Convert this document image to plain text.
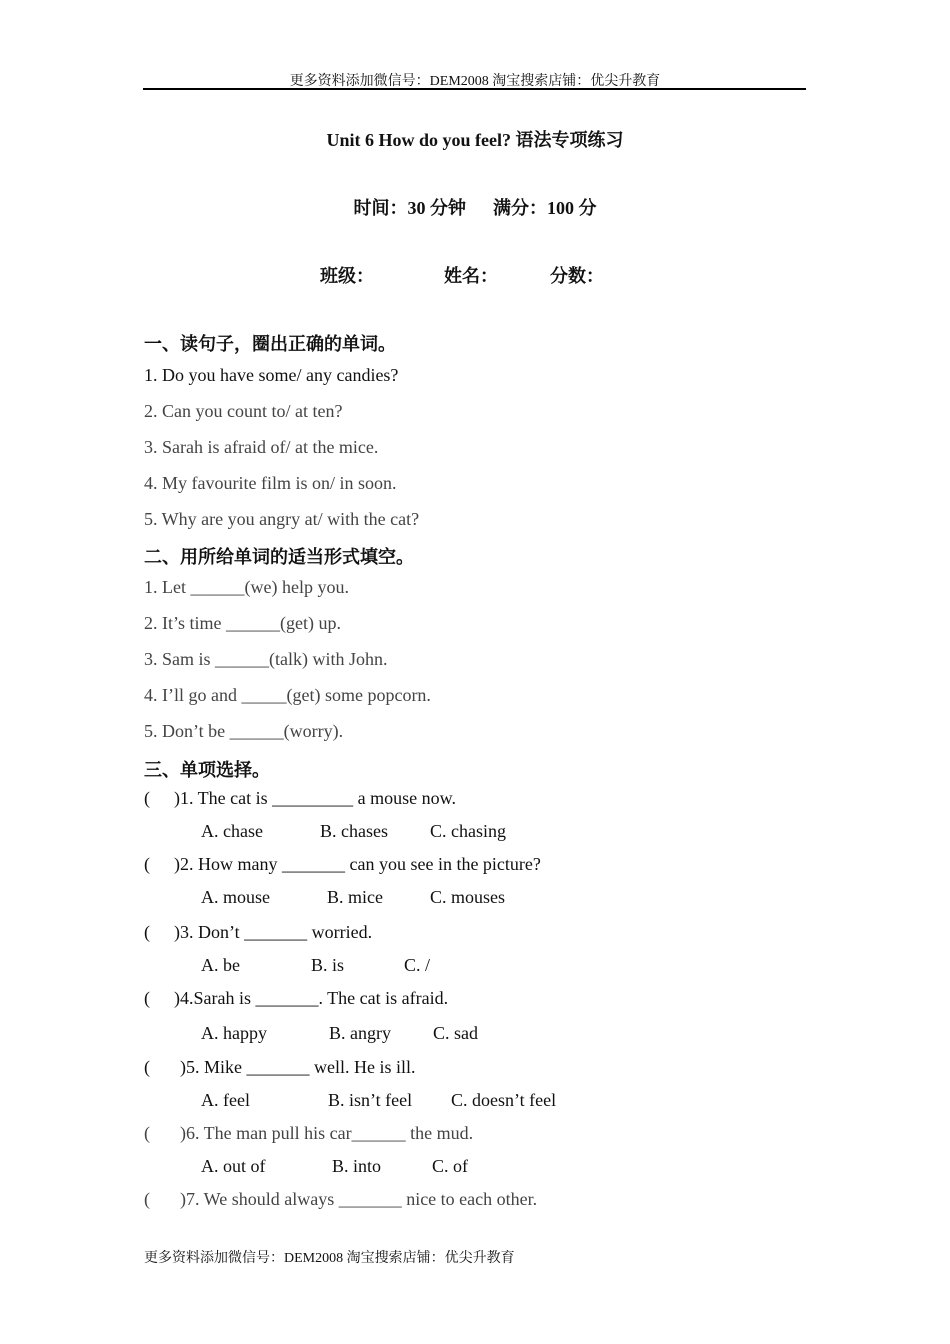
更多资料添加微信号：DEM2008 淘宝搜索店铺：优尖升教育
Unit 6 How do you feel? 语法专项练习
时间：30 分钟 满分：100 分
班级：	姓名：	分数：
一、读句子，圈出正确的单词。
1. Do you have some/ any candies?
2. Can you count to/ at ten?
3. Sarah is afraid of/ at the mice.
4. My favourite film is on/ in soon.
5. Why are you angry at/ with the cat?
二、用所给单词的适当形式填空。
1. Let ______(we) help you.
2. It’s time ______(get) up.
3. Sam is ______(talk) with John.
4. I’ll go and _____(get) some popcorn.
5. Don’t be ______(worry).
三、单项选择。
( )1. The cat is _________ a mouse now.
A. chase	B. chases C. chasing
( )2. How many _______ can you see in the picture?
A. mouse	B. mice	C. mouses
( )3. Don’t _______ worried.
A. be	B. is	C. /
( )4.Sarah is _______. The cat is afraid.
A. happy	B. angry C. sad
( )5. Mike _______ well. He is ill.
A. feel	B. isn’t feel C. doesn’t feel
( )6. The man pull his car______ the mud.
A. out of	B. into	C. of
( )7. We should always _______ nice to each other.
更多资料添加微信号：DEM2008 淘宝搜索店铺：优尖升教育
